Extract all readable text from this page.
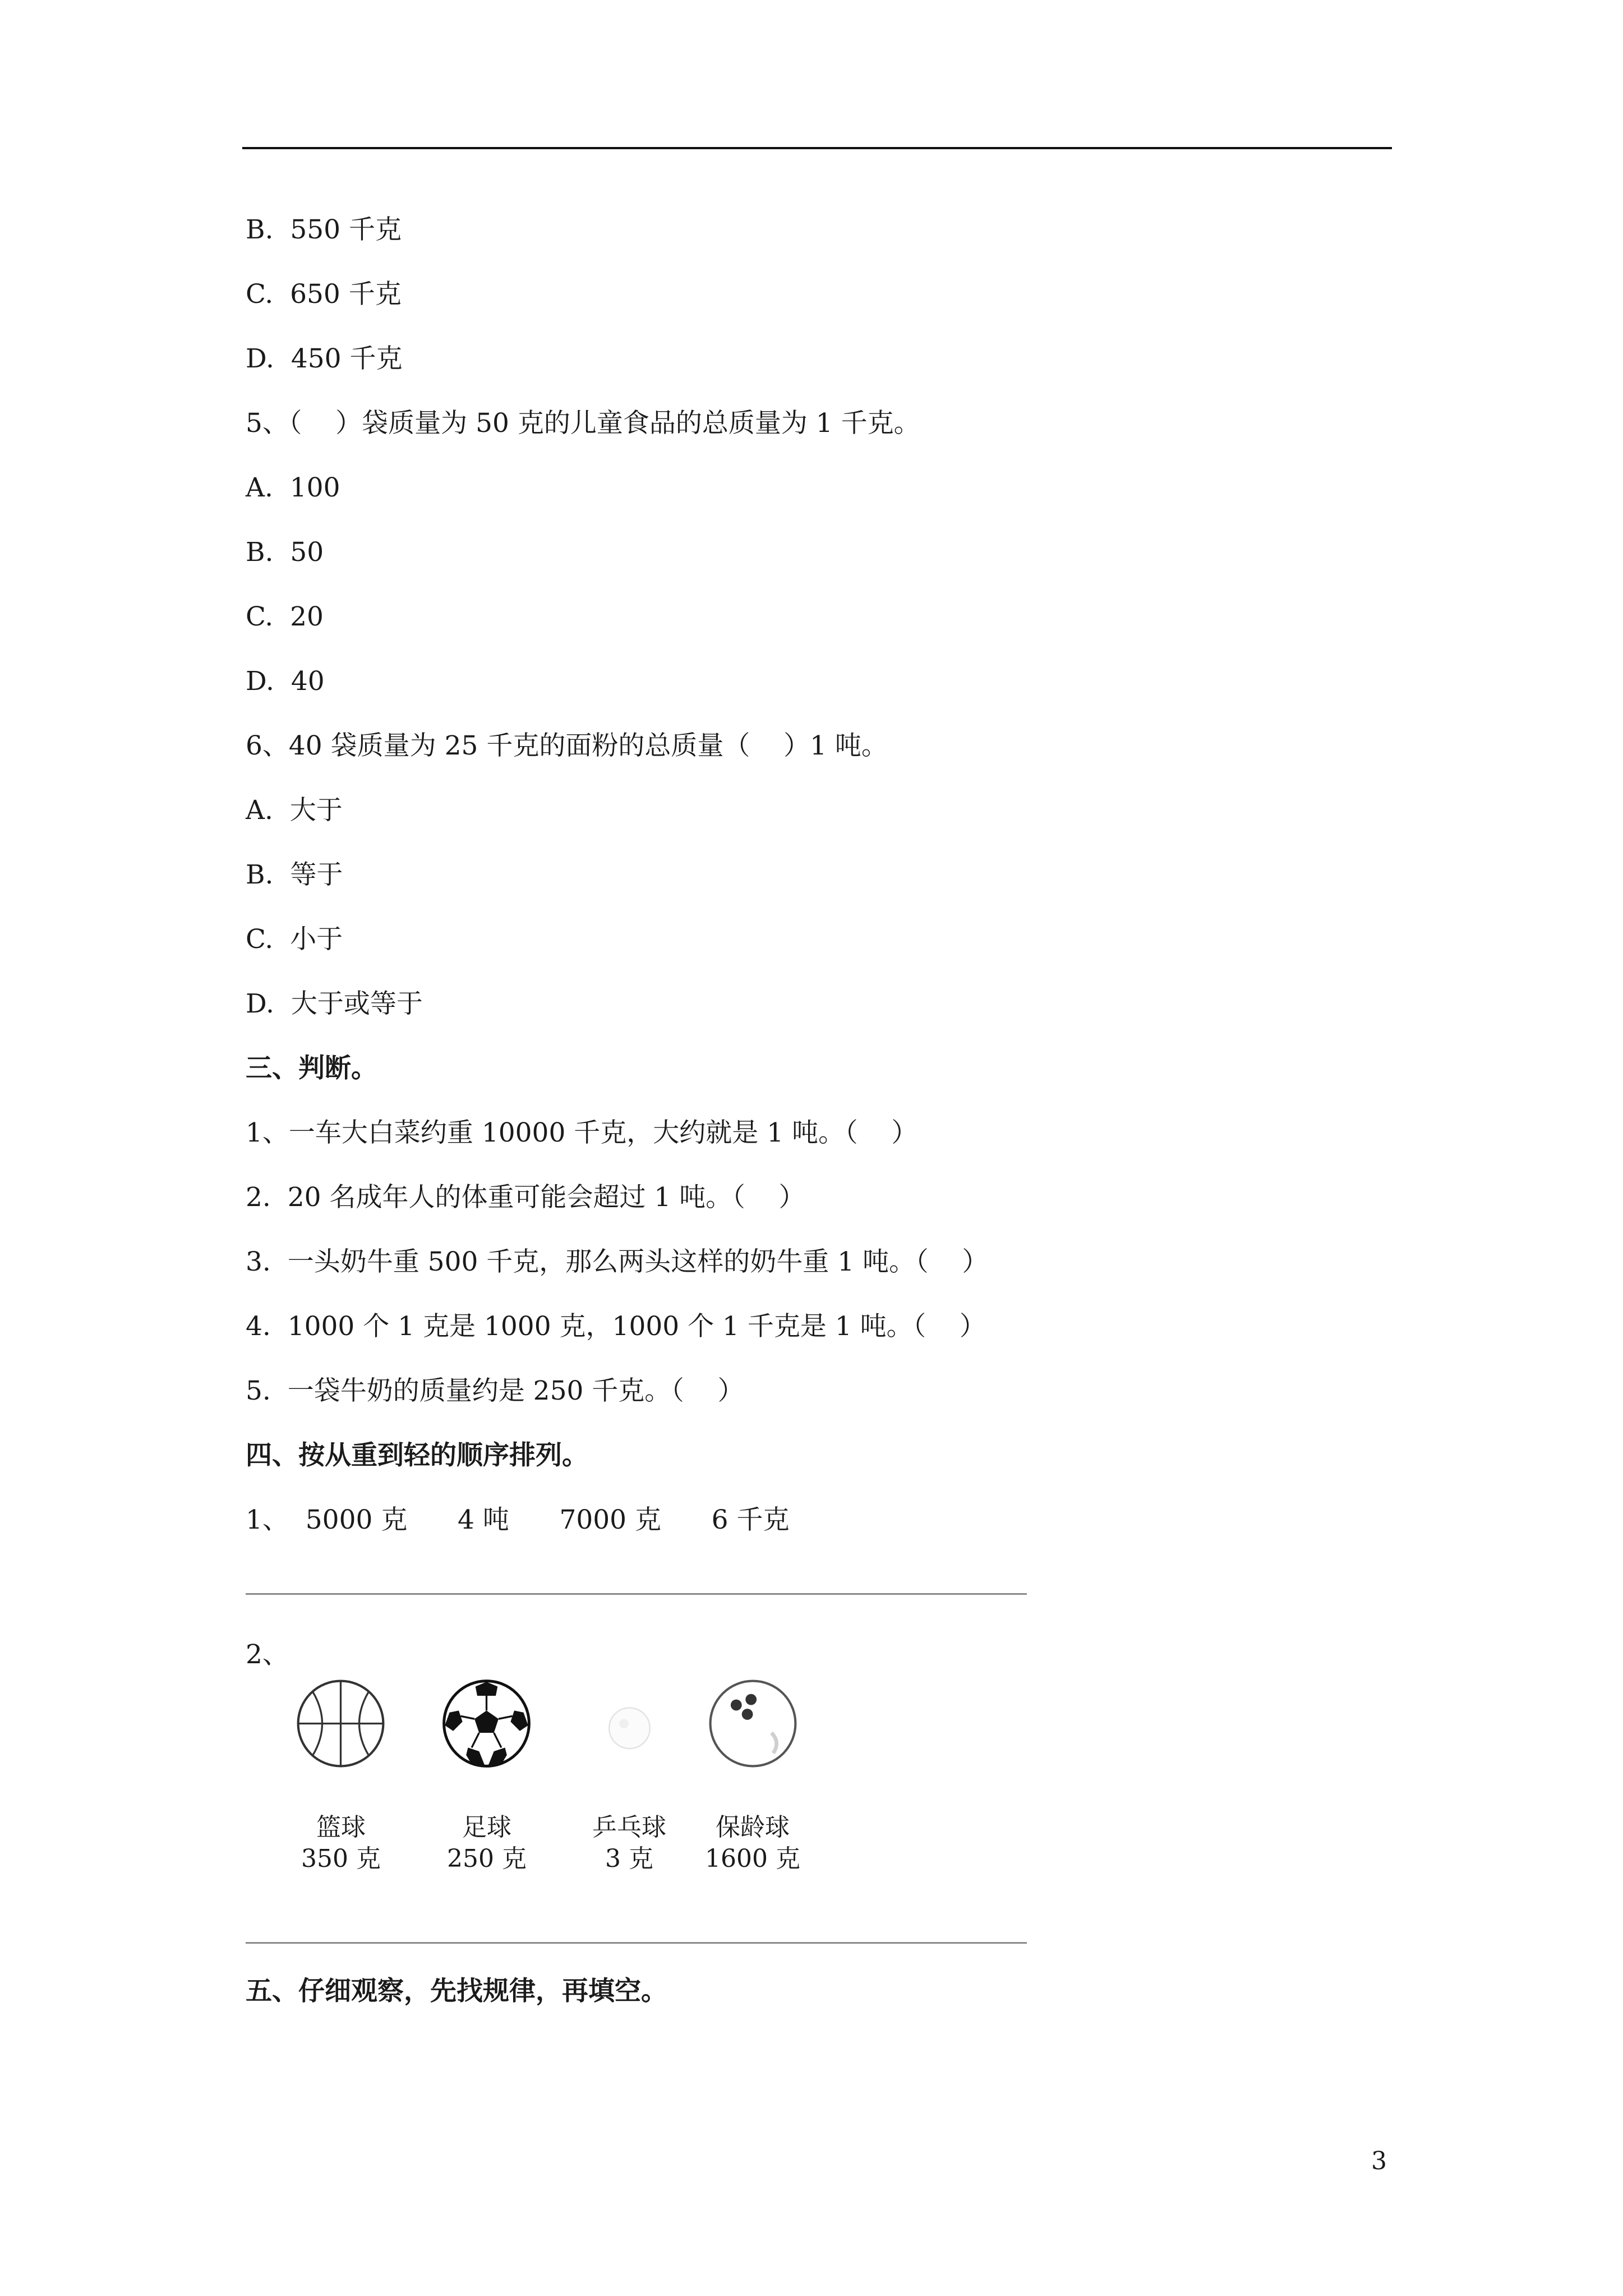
B.  550 千克
C.  650 千克
D.  450 千克
5、（    ）袋质量为 50 克的儿童食品的总质量为 1 千克。
A.  100
B.  50
C.  20
D.  40
6、40 袋质量为 25 千克的面粉的总质量（    ）1 吨。
A.  大于
B.  等于
C.  小于
D.  大于或等于
三、判断。
1、一车大白菜约重 10000 千克，大约就是 1 吨。（    ）
2.  20 名成年人的体重可能会超过 1 吨。（    ）
3.  一头奶牛重 500 千克，那么两头这样的奶牛重 1 吨。（    ）
4.  1000 个 1 克是 1000 克，1000 个 1 千克是 1 吨。（    ）
5.  一袋牛奶的质量约是 250 千克。（    ）
四、按从重到轻的顺序排列。
1、  5000 克      4 吨      7000 克      6 千克
2、
篮球
350 克
足球
250 克
乒乓球
3 克
保龄球
1600 克
五、仔细观察，先找规律，再填空。
3
